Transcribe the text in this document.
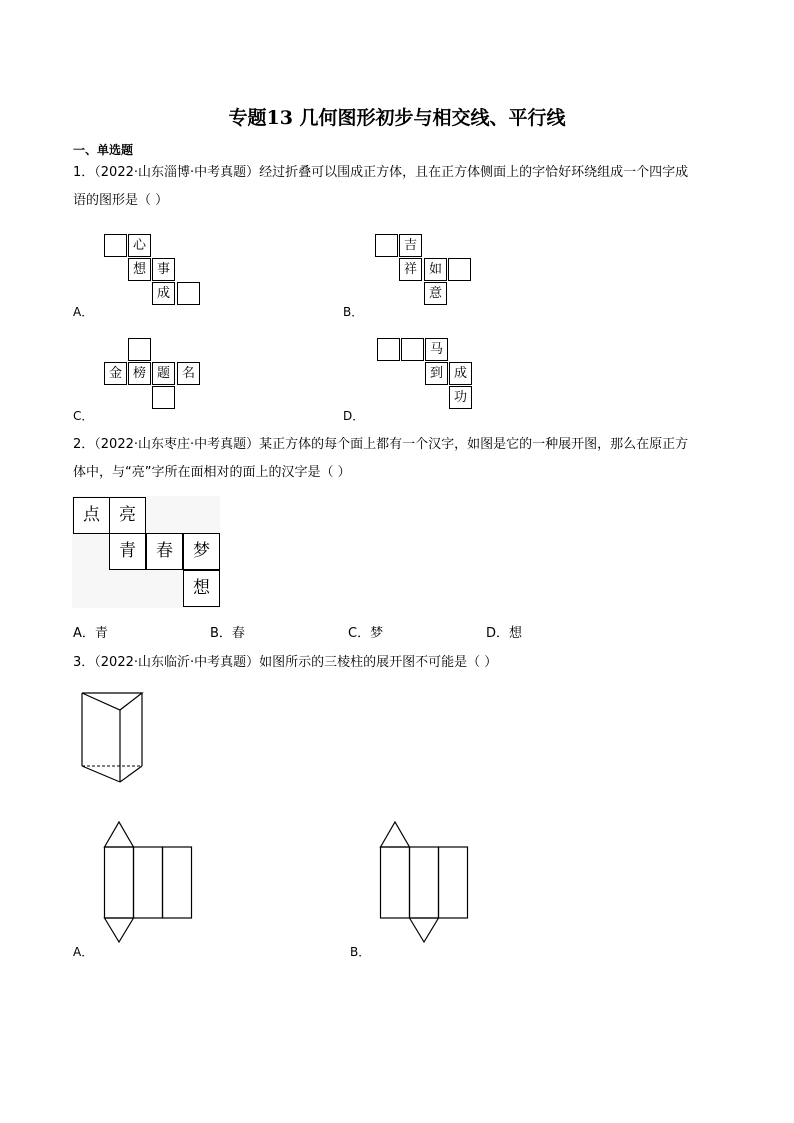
专题13 几何图形初步与相交线、平行线
一、单选题
1．（2022·山东淄博·中考真题）经过折叠可以围成正方体，且在正方体侧面上的字恰好环绕组成一个四字成
语的图形是（ ）
心
想 事
成
A．
吉
祥 如
意
B．
金 榜 题 名
C．
马
到 成
功
D．
2．（2022·山东枣庄·中考真题）某正方体的每个面上都有一个汉字，如图是它的一种展开图，那么在原正方
体中，与“亮”字所在面相对的面上的汉字是（ ）
点	亮
青	春	梦
想
A．青	B．春	C．梦	D．想
3．（2022·山东临沂·中考真题）如图所示的三棱柱的展开图不可能是（ ）
A．	B．
